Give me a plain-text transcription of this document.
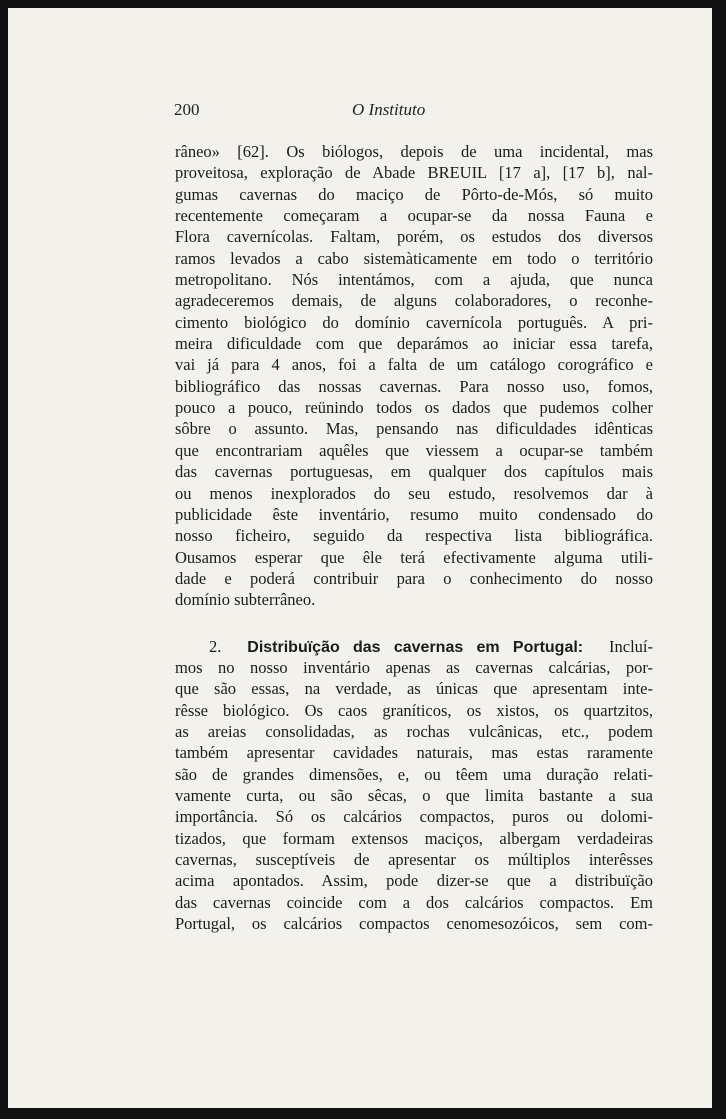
200	O Instituto
râneo» [62]. Os biólogos, depois de uma incidental, mas
proveitosa, exploração de Abade BREUIL [17 a], [17 b], nal-
gumas cavernas do maciço de Pôrto-de-Mós, só muito
recentemente começaram a ocupar-se da nossa Fauna e
Flora cavernícolas. Faltam, porém, os estudos dos diversos
ramos levados a cabo sistemàticamente em todo o território
metropolitano. Nós intentámos, com a ajuda, que nunca
agradeceremos demais, de alguns colaboradores, o reconhe-
cimento biológico do domínio cavernícola português. A pri-
meira dificuldade com que deparámos ao iniciar essa tarefa,
vai já para 4 anos, foi a falta de um catálogo corográfico e
bibliográfico das nossas cavernas. Para nosso uso, fomos,
pouco a pouco, reünindo todos os dados que pudemos colher
sôbre o assunto. Mas, pensando nas dificuldades idênticas
que encontrariam aquêles que viessem a ocupar-se também
das cavernas portuguesas, em qualquer dos capítulos mais
ou menos inexplorados do seu estudo, resolvemos dar à
publicidade êste inventário, resumo muito condensado do
nosso ficheiro, seguido da respectiva lista bibliográfica.
Ousamos esperar que êle terá efectivamente alguma utili-
dade e poderá contribuir para o conhecimento do nosso
domínio subterrâneo.
2. Distribuïção das cavernas em Portugal: Incluí-
mos no nosso inventário apenas as cavernas calcárias, por-
que são essas, na verdade, as únicas que apresentam inte-
rêsse biológico. Os caos graníticos, os xistos, os quartzitos,
as areias consolidadas, as rochas vulcânicas, etc., podem
também apresentar cavidades naturais, mas estas raramente
são de grandes dimensões, e, ou têem uma duração relati-
vamente curta, ou são sêcas, o que limita bastante a sua
importância. Só os calcários compactos, puros ou dolomi-
tizados, que formam extensos maciços, albergam verdadeiras
cavernas, susceptíveis de apresentar os múltiplos interêsses
acima apontados. Assim, pode dizer-se que a distribuïção
das cavernas coincide com a dos calcários compactos. Em
Portugal, os calcários compactos cenomesozóicos, sem com-
